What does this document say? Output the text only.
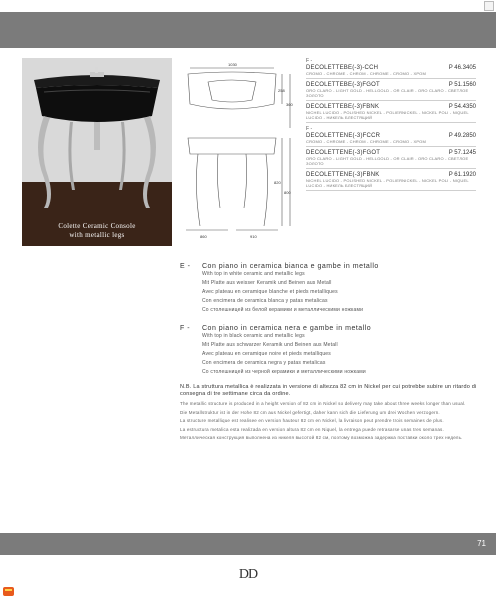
Colette Ceramic Console
with metallic legs
1030
258
360
820
800
860	910
F -
DECOLETTEBE(-3)-CCH	P 46.3405
CROMO - CHROME - CHROM - CHROME - CROMO - ХРОМ
DECOLETTEBE(-3)FGOT	P 51.1560
ORO CLARO - LIGHT GOLD - HELLGOLD - OR CLAIR - ORO CLARO - СВЕТЛОЕ ЗОЛОТО
DECOLETTEBE(-3)FBNK	P 54.4350
NICHEL LUCIDO - POLISHED NICKEL - POLIERNICKEL - NICKEL POLI - NIQUEL LUCIDO - НИКЕЛЬ БЛЕСТЯЩИЙ
F -
DECOLETTENE(-3)FCCR	P 49.2850
CROMO - CHROME - CHROM - CHROME - CROMO - ХРОМ
DECOLETTENE(-3)FGOT	P 57.1245
ORO CLARO - LIGHT GOLD - HELLGOLD - OR CLAIR - ORO CLARO - СВЕТЛОЕ ЗОЛОТО
DECOLETTENE(-3)FBNK	P 61.1920
NICHEL LUCIDO - POLISHED NICKEL - POLIERNICKEL - NICKEL POLI - NIQUEL LUCIDO - НИКЕЛЬ БЛЕСТЯЩИЙ
E -	Con piano in ceramica bianca e gambe in metallo
With top in white ceramic and metallic legs
Mit Platte aus weisser Keramik und Beinen aus Metall
Avec plateau en ceramique blanche et pieds metalliques
Con encimera de ceramica blanca y patas metalicas
Со столешницей из белой керамики и металлическими ножками
F -	Con piano in ceramica nera e gambe in metallo
With top in black ceramic and metallic legs
Mit Platte aus schwarzer Keramik und Beinen aus Metall
Avec plateau en ceramique noire et pieds metalliques
Con encimera de ceramica negra y patas metalicas
Со столешницей из черной керамики и металлическими ножками
N.B. La struttura metallica è realizzata in versione di altezza 82 cm in Nickel per cui potrebbe subire un ritardo di consegna di tre settimane circa da ordine.
The metallic structure is produced in a height version of 82 cm in Nickel so delivery may take about three weeks longer than usual.
Die Metallstruktur ist in der Hohe 82 cm aus Nickel gefertigt, daher kann sich die Lieferung um drei Wochen verzogern.
La structure metallique est realisee en version hauteur 82 cm en Nickel, la livraison peut prendre trois semaines de plus.
La estructura metalica esta realizada en version altura 82 cm en Niquel, la entrega puede retrasarse unas tres semanas.
Металлическая конструкция выполнена из никеля высотой 82 см, поэтому возможна задержка поставки около трех недель.
71
DD
